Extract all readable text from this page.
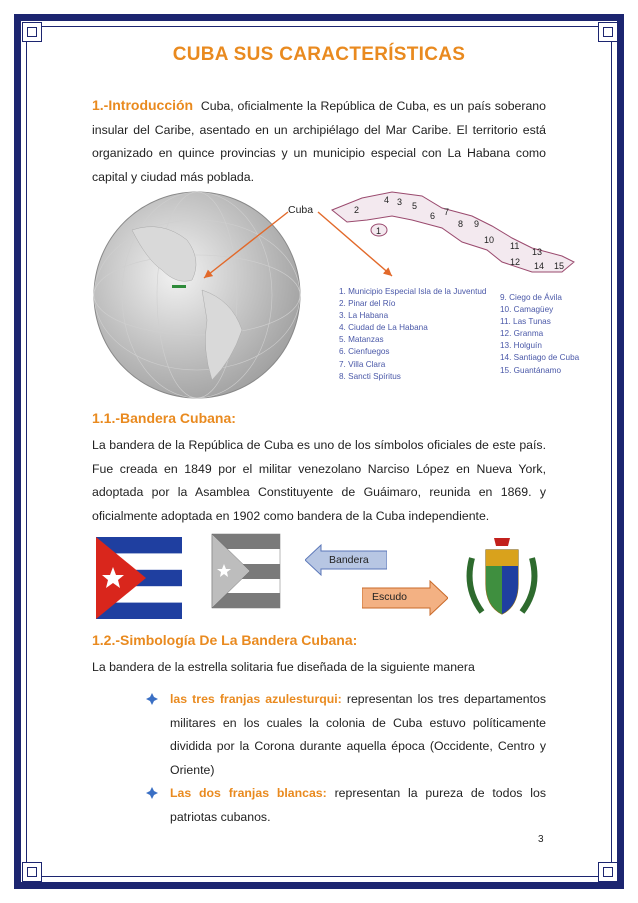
CUBA SUS CARACTERÍSTICAS
1.-Introducción Cuba, oficialmente la República de Cuba, es un país soberano insular del Caribe, asentado en un archipiélago del Mar Caribe. El territorio está organizado en quince provincias y un municipio especial con La Habana como capital y ciudad más poblada.
Cuba
1. Municipio Especial Isla de la Juventud
2. Pinar del Río
3. La Habana
4. Ciudad de La Habana
5. Matanzas
6. Cienfuegos
7. Villa Clara
8. Sancti Spíritus
9. Ciego de Ávila
10. Camagüey
11. Las Tunas
12. Granma
13. Holguín
14. Santiago de Cuba
15. Guantánamo
1
2
3
4
5
6 7
8 9
10
11
12
13
14 15
1.1.-Bandera Cubana:
La bandera de la República de Cuba es uno de los símbolos oficiales de este país. Fue creada en 1849 por el militar venezolano Narciso López en Nueva York, adoptada por la Asamblea Constituyente de Guáimaro, reunida en 1869. y oficialmente adoptada en 1902 como bandera de la Cuba independiente.
Bandera
Escudo
1.2.-Simbología De La Bandera Cubana:
La bandera de la estrella solitaria fue diseñada de la siguiente manera
las tres franjas azulesturqui: representan los tres departamentos militares en los cuales la colonia de Cuba estuvo políticamente dividida por la Corona durante aquella época (Occidente, Centro y Oriente)
Las dos franjas blancas: representan la pureza de todos los patriotas cubanos.
3
